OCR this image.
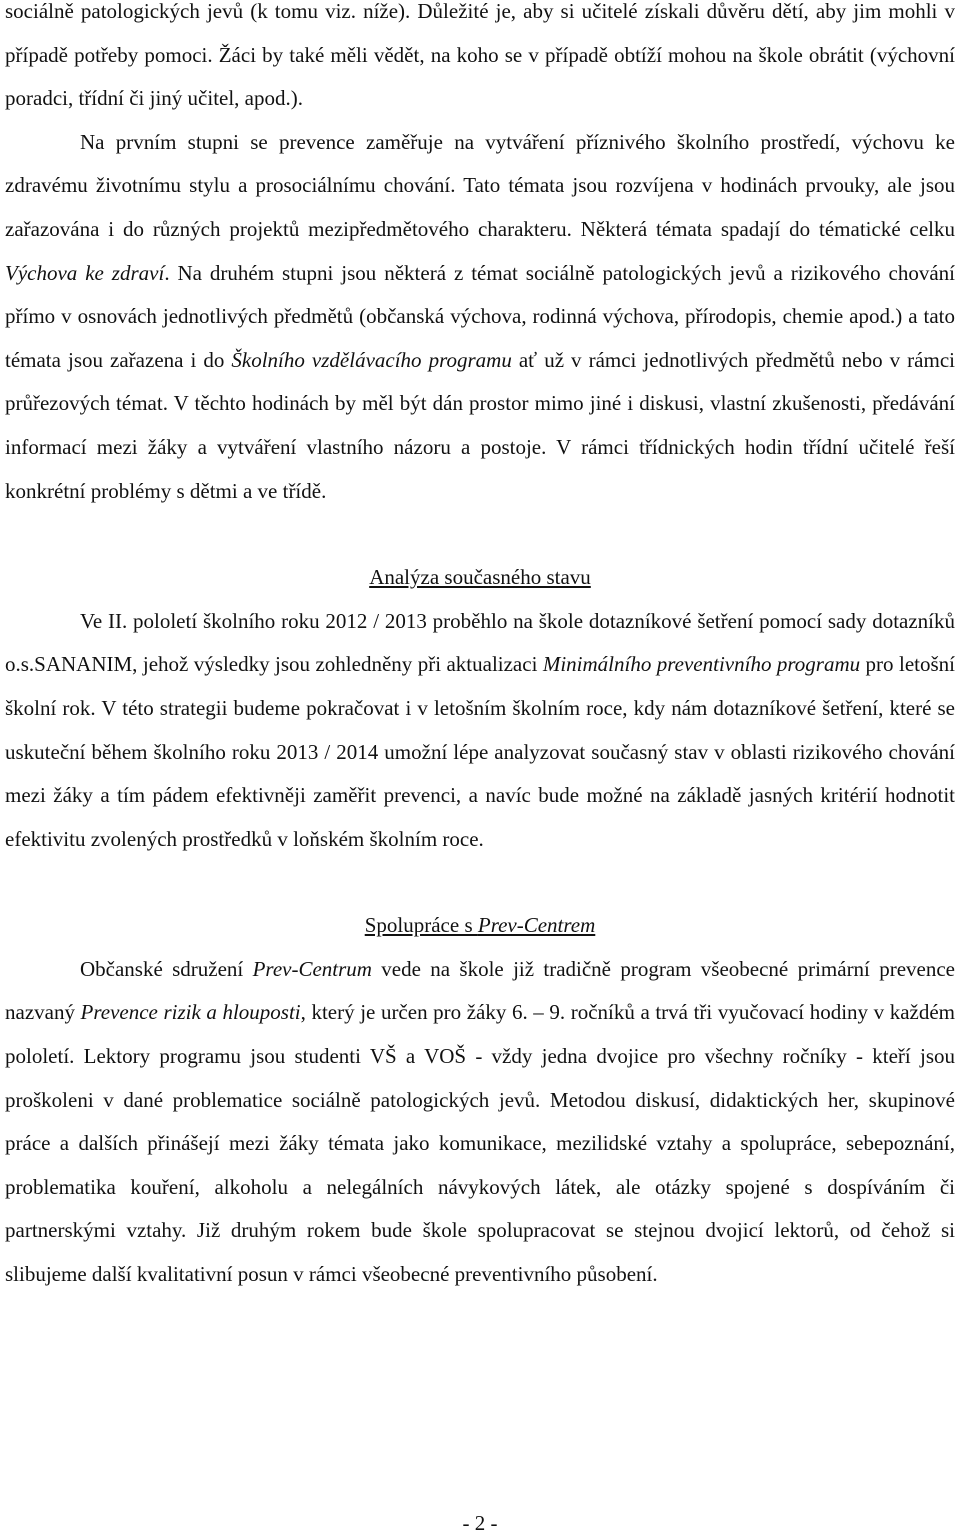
sociálně patologických jevů (k tomu viz. níže). Důležité je, aby si učitelé získali důvěru dětí, aby jim mohli v případě potřeby pomoci. Žáci by také měli vědět, na koho se v případě obtíží mohou na škole obrátit (výchovní poradci, třídní či jiný učitel, apod.).

Na prvním stupni se prevence zaměřuje na vytváření příznivého školního prostředí, výchovu ke zdravému životnímu stylu a prosociálnímu chování. Tato témata jsou rozvíjena v hodinách prvouky, ale jsou zařazována i do různých projektů mezipředmětového charakteru. Některá témata spadají do tématické celku Výchova ke zdraví. Na druhém stupni jsou některá z témat sociálně patologických jevů a rizikového chování přímo v osnovách jednotlivých předmětů (občanská výchova, rodinná výchova, přírodopis, chemie apod.) a tato témata jsou zařazena i do Školního vzdělávacího programu ať už v rámci jednotlivých předmětů nebo v rámci průřezových témat. V těchto hodinách by měl být dán prostor mimo jiné i diskusi, vlastní zkušenosti, předávání informací mezi žáky a vytváření vlastního názoru a postoje. V rámci třídnických hodin třídní učitelé řeší konkrétní problémy s dětmi a ve třídě.

Analýza současného stavu

Ve II. pololetí školního roku 2012 / 2013 proběhlo na škole dotazníkové šetření pomocí sady dotazníků o.s.SANANIM, jehož výsledky jsou zohledněny při aktualizaci Minimálního preventivního programu pro letošní školní rok. V této strategii budeme pokračovat i v letošním školním roce, kdy nám dotazníkové šetření, které se uskuteční během školního roku 2013 / 2014 umožní lépe analyzovat současný stav v oblasti rizikového chování mezi žáky a tím pádem efektivněji zaměřit prevenci, a navíc bude možné na základě jasných kritérií hodnotit efektivitu zvolených prostředků v loňském školním roce.

Spolupráce s Prev-Centrem

Občanské sdružení Prev-Centrum vede na škole již tradičně program všeobecné primární prevence nazvaný Prevence rizik a hlouposti, který je určen pro žáky 6. – 9. ročníků a trvá tři vyučovací hodiny v každém pololetí. Lektory programu jsou studenti VŠ a VOŠ - vždy jedna dvojice pro všechny ročníky - kteří jsou proškoleni v dané problematice sociálně patologických jevů. Metodou diskusí, didaktických her, skupinové práce a dalších přinášejí mezi žáky témata jako komunikace, mezilidské vztahy a spolupráce, sebepoznání, problematika kouření, alkoholu a nelegálních návykových látek, ale otázky spojené s dospíváním či partnerskými vztahy. Již druhým rokem bude škole spolupracovat se stejnou dvojicí lektorů, od čehož si slibujeme další kvalitativní posun v rámci všeobecné preventivního působení.

- 2 -
